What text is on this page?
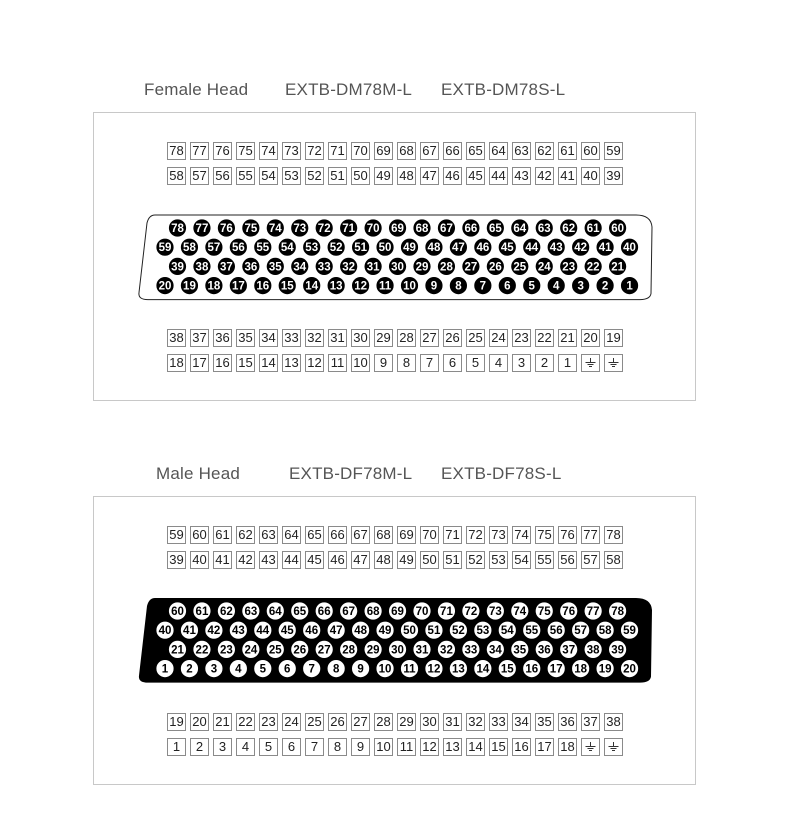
Female Head EXTB-DM78M-L EXTB-DM78S-L
78 77 76 75 74 73 72 71 70 69 68 67 66 65 64 63 62 61 60 59
58 57 56 55 54 53 52 51 50 49 48 47 46 45 44 43 42 41 40 39
78 77 76 75 74 73 72 71 70 69 68 67 66 65 64 63 62 61 60
59 58 57 56 55 54 53 52 51 50 49 48 47 46 45 44 43 42 41 40
39 38 37 36 35 34 33 32 31 30 29 28 27 26 25 24 23 22 21
20 19 18 17 16 15 14 13 12 11 10 9 8 7 6 5 4 3 2 1
38 37 36 35 34 33 32 31 30 29 28 27 26 25 24 23 22 21 20 19
18 17 16 15 14 13 12 11 10 9	8	7	6	5	4	3	2	1
Male Head	EXTB-DF78M-L EXTB-DF78S-L
59 60 61 62 63 64 65 66 67 68 69 70 71 72 73 74 75 76 77 78
39 40 41 42 43 44 45 46 47 48 49 50 51 52 53 54 55 56 57 58
60 61 62 63 64 65 66 67 68 69 70 71 72 73 74 75 76 77 78
40 41 42 43 44 45 46 47 48 49 50 51 52 53 54 55 56 57 58 59
21 22 23 24 25 26 27 28 29 30 31 32 33 34 35 36 37 38 39
1 2 3 4 5 6 7 8 9 10 11 12 13 14 15 16 17 18 19 20
19 20 21 22 23 24 25 26 27 28 29 30 31 32 33 34 35 36 37 38
1	2	3	4	5	6	7	8	9 10 11 12 13 14 15 16 17 18
